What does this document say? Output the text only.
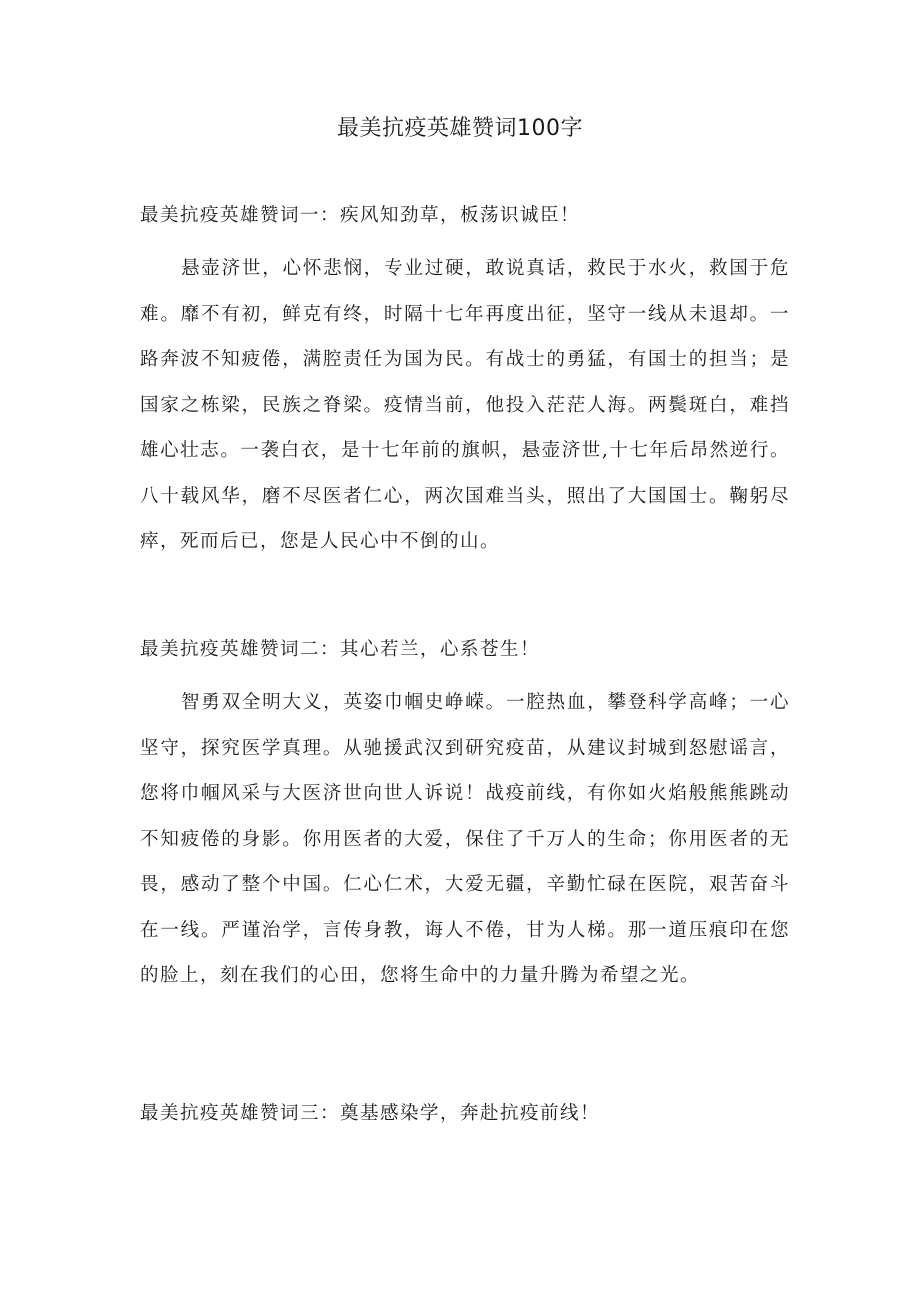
最美抗疫英雄赞词100字
最美抗疫英雄赞词一：疾风知劲草，板荡识诚臣！

悬壶济世，心怀悲悯，专业过硬，敢说真话，救民于水火，救国于危难。靡不有初，鲜克有终，时隔十七年再度出征，坚守一线从未退却。一路奔波不知疲倦，满腔责任为国为民。有战士的勇猛，有国士的担当；是国家之栋梁，民族之脊梁。疫情当前，他投入茫茫人海。两鬓斑白，难挡雄心壮志。一袭白衣，是十七年前的旗帜，悬壶济世,十七年后昂然逆行。八十载风华，磨不尽医者仁心，两次国难当头，照出了大国国士。鞠躬尽瘁，死而后已，您是人民心中不倒的山。

最美抗疫英雄赞词二：其心若兰，心系苍生！

智勇双全明大义，英姿巾帼史峥嵘。一腔热血，攀登科学高峰；一心坚守，探究医学真理。从驰援武汉到研究疫苗，从建议封城到怒慰谣言，您将巾帼风采与大医济世向世人诉说！战疫前线，有你如火焰般熊熊跳动不知疲倦的身影。你用医者的大爱，保住了千万人的生命；你用医者的无畏，感动了整个中国。仁心仁术，大爱无疆，辛勤忙碌在医院，艰苦奋斗在一线。严谨治学，言传身教，诲人不倦，甘为人梯。那一道压痕印在您的脸上，刻在我们的心田，您将生命中的力量升腾为希望之光。

最美抗疫英雄赞词三：奠基感染学，奔赴抗疫前线！
